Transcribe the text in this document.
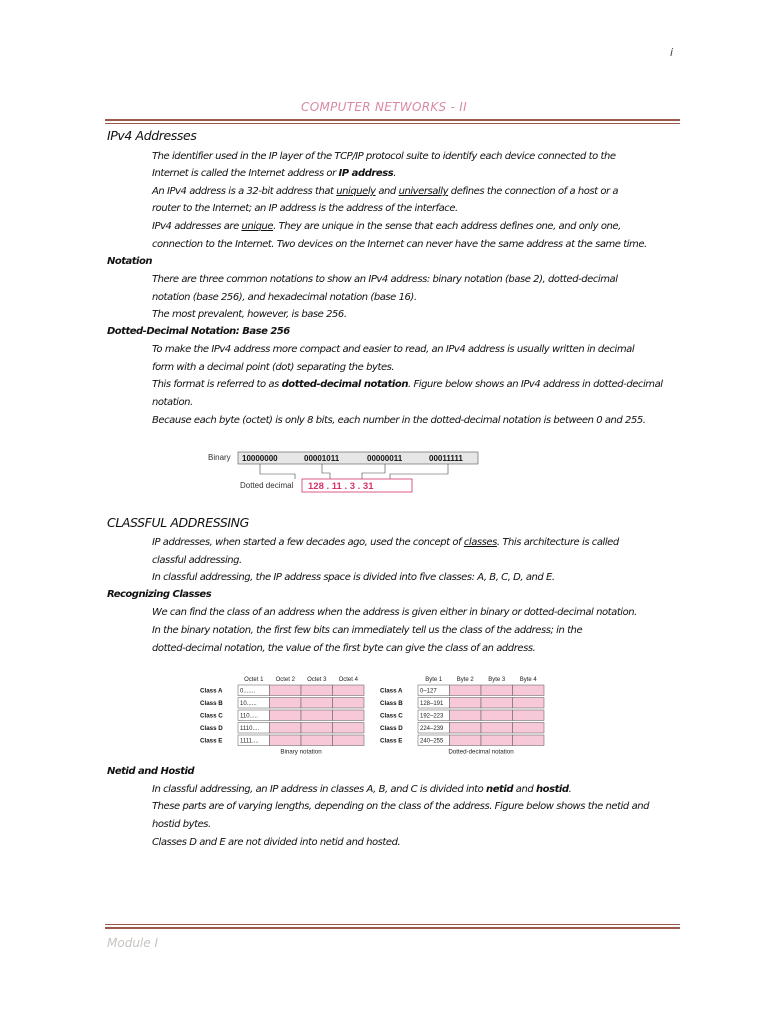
i
COMPUTER NETWORKS - II
IPv4 Addresses
The identifier used in the IP layer of the TCP/IP protocol suite to identify each device connected to the
Internet is called the Internet address or IP address.
An IPv4 address is a 32-bit address that uniquely and universally defines the connection of a host or a
router to the Internet; an IP address is the address of the interface.
IPv4 addresses are unique. They are unique in the sense that each address defines one, and only one,
connection to the Internet. Two devices on the Internet can never have the same address at the same time.
Notation
There are three common notations to show an IPv4 address: binary notation (base 2), dotted-decimal
notation (base 256), and hexadecimal notation (base 16).
The most prevalent, however, is base 256.
Dotted-Decimal Notation: Base 256
To make the IPv4 address more compact and easier to read, an IPv4 address is usually written in decimal
form with a decimal point (dot) separating the bytes.
This format is referred to as dotted-decimal notation. Figure below shows an IPv4 address in dotted-decimal
notation.
Because each byte (octet) is only 8 bits, each number in the dotted-decimal notation is between 0 and 255.
Binary 10000000	00001011	00000011	00011111
Dotted decimal 128 . 11 . 3 . 31
CLASSFUL ADDRESSING
IP addresses, when started a few decades ago, used the concept of classes. This architecture is called
classful addressing.
In classful addressing, the IP address space is divided into five classes: A, B, C, D, and E.
Recognizing Classes
We can find the class of an address when the address is given either in binary or dotted-decimal notation.
In the binary notation, the first few bits can immediately tell us the class of the address; in the
dotted-decimal notation, the value of the first byte can give the class of an address.
Octet 1 Octet 2 Octet 3 Octet 4
Class A	0.......
Class B	10......
Class C	110.....
Class D	1110....
Class E	1111....
Binary notation
Byte 1 Byte 2 Byte 3 Byte 4
Class A	0–127
Class B	128–191
Class C	192–223
Class D	224–239
Class E	240–255
Dotted-decimal notation
Netid and Hostid
In classful addressing, an IP address in classes A, B, and C is divided into netid and hostid.
These parts are of varying lengths, depending on the class of the address. Figure below shows the netid and
hostid bytes.
Classes D and E are not divided into netid and hosted.
Module I
